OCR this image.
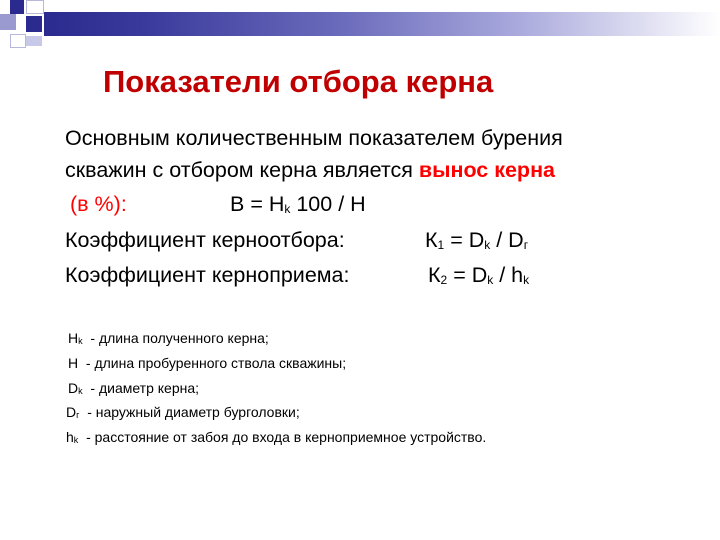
Показатели отбора керна
Основным количественным показателем бурения
скважин с отбором керна является вынос керна
(в %):	В = Нk 100 / Н
Коэффициент керноотбора:	К1 = Dk / Dг
Коэффициент керноприема:	К2 = Dk / hk
Нk  - длина полученного керна;
Н  - длина пробуренного ствола скважины;
Dk  - диаметр керна;
Dг  - наружный диаметр бурголовки;
hk  - расстояние от забоя до входа в керноприемное устройство.
